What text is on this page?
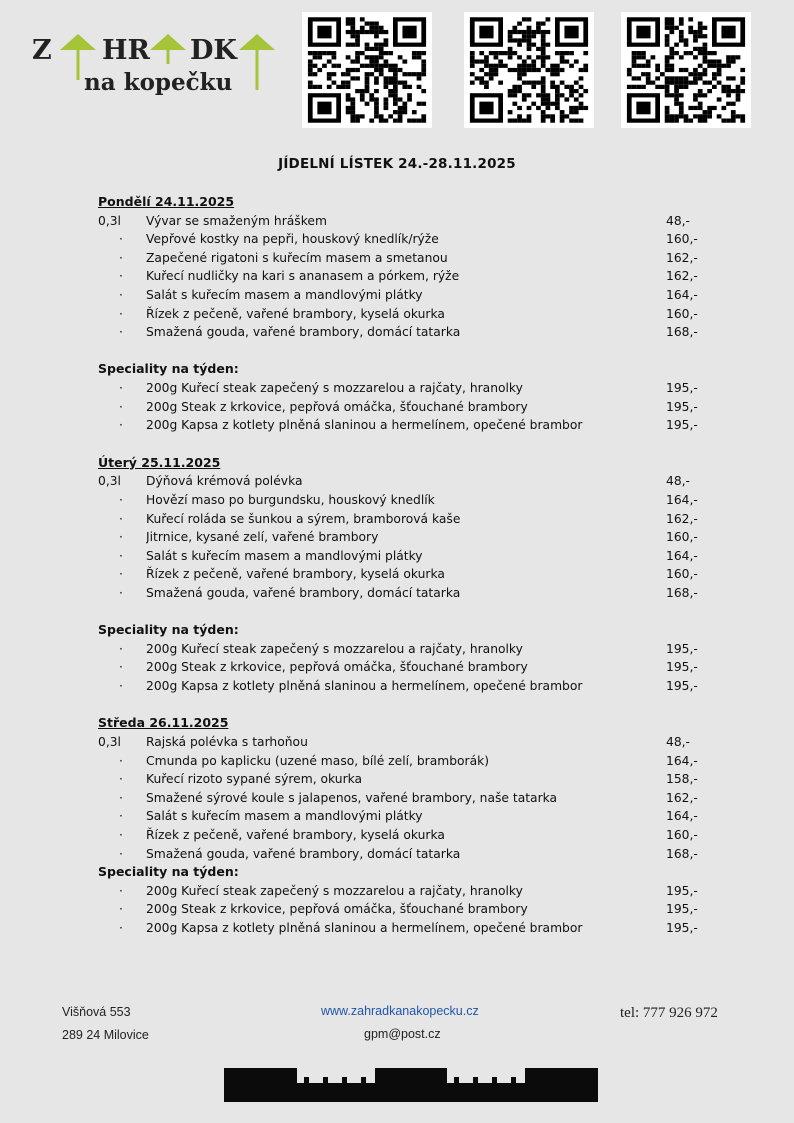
Z HR DK
na kopečku
JÍDELNÍ LÍSTEK 24.-28.11.2025
Pondělí 24.11.2025
0,3l	Vývar se smaženým hráškem	48,-
·	Vepřové kostky na pepři, houskový knedlík/rýže	160,-
·	Zapečené rigatoni s kuřecím masem a smetanou	162,-
·	Kuřecí nudličky na kari s ananasem a pórkem, rýže	162,-
·	Salát s kuřecím masem a mandlovými plátky	164,-
·	Řízek z pečeně, vařené brambory, kyselá okurka	160,-
·	Smažená gouda, vařené brambory, domácí tatarka	168,-
Speciality na týden:
·	200g Kuřecí steak zapečený s mozzarelou a rajčaty, hranolky	195,-
·	200g Steak z krkovice, pepřová omáčka, šťouchané brambory	195,-
·	200g Kapsa z kotlety plněná slaninou a hermelínem, opečené brambor	195,-
Úterý 25.11.2025
0,3l	Dýňová krémová polévka	48,-
·	Hovězí maso po burgundsku, houskový knedlík	164,-
·	Kuřecí roláda se šunkou a sýrem, bramborová kaše	162,-
·	Jitrnice, kysané zelí, vařené brambory	160,-
·	Salát s kuřecím masem a mandlovými plátky	164,-
·	Řízek z pečeně, vařené brambory, kyselá okurka	160,-
·	Smažená gouda, vařené brambory, domácí tatarka	168,-
Speciality na týden:
·	200g Kuřecí steak zapečený s mozzarelou a rajčaty, hranolky	195,-
·	200g Steak z krkovice, pepřová omáčka, šťouchané brambory	195,-
·	200g Kapsa z kotlety plněná slaninou a hermelínem, opečené brambor	195,-
Středa 26.11.2025
0,3l	Rajská polévka s tarhoňou	48,-
·	Cmunda po kaplicku (uzené maso, bílé zelí, bramborák)	164,-
·	Kuřecí rizoto sypané sýrem, okurka	158,-
·	Smažené sýrové koule s jalapenos, vařené brambory, naše tatarka	162,-
·	Salát s kuřecím masem a mandlovými plátky	164,-
·	Řízek z pečeně, vařené brambory, kyselá okurka	160,-
·	Smažená gouda, vařené brambory, domácí tatarka	168,-
Speciality na týden:
·	200g Kuřecí steak zapečený s mozzarelou a rajčaty, hranolky	195,-
·	200g Steak z krkovice, pepřová omáčka, šťouchané brambory	195,-
·	200g Kapsa z kotlety plněná slaninou a hermelínem, opečené brambor	195,-
Višňová 553
289 24 Milovice
www.zahradkanakopecku.cz
gpm@post.cz
tel: 777 926 972
